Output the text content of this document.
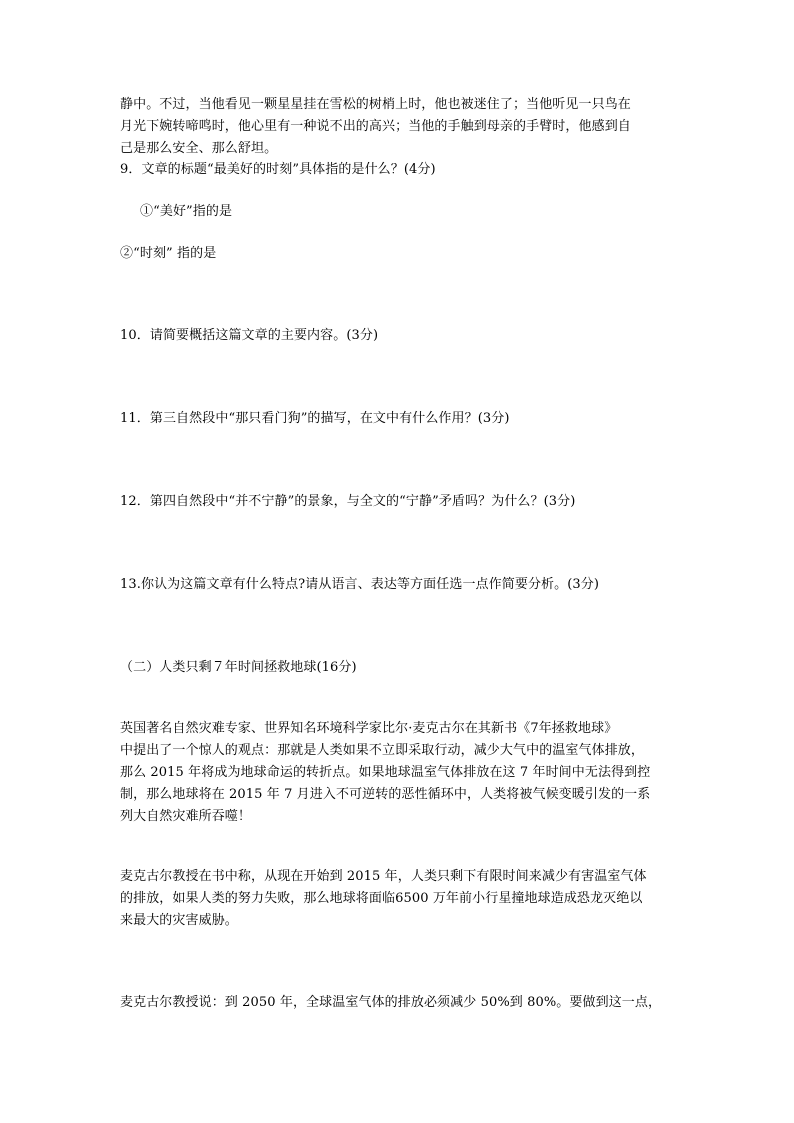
静中。不过，当他看见一颗星星挂在雪松的树梢上时，他也被迷住了；当他听见一只鸟在
月光下婉转啼鸣时，他心里有一种说不出的高兴；当他的手触到母亲的手臂时，他感到自
己是那么安全、那么舒坦。
9．文章的标题“最美好的时刻”具体指的是什么？(4分)
①“美好”指的是
②“时刻” 指的是
10．请简要概括这篇文章的主要内容。(3分)
11．第三自然段中“那只看门狗”的描写，在文中有什么作用？(3分)
12．第四自然段中“并不宁静”的景象，与全文的“宁静”矛盾吗？为什么？(3分)
13.你认为这篇文章有什么特点?请从语言、表达等方面任选一点作简要分析。(3分)
（二）人类只剩７年时间拯救地球(16分)
英国著名自然灾难专家、世界知名环境科学家比尔·麦克古尔在其新书《7年拯救地球》
中提出了一个惊人的观点：那就是人类如果不立即采取行动，减少大气中的温室气体排放，
那么 2015 年将成为地球命运的转折点。如果地球温室气体排放在这 7 年时间中无法得到控
制，那么地球将在 2015 年 7 月进入不可逆转的恶性循环中，人类将被气候变暖引发的一系
列大自然灾难所吞噬！
麦克古尔教授在书中称，从现在开始到 2015 年，人类只剩下有限时间来减少有害温室气体
的排放，如果人类的努力失败，那么地球将面临6500 万年前小行星撞地球造成恐龙灭绝以
来最大的灾害威胁。
麦克古尔教授说：到 2050 年，全球温室气体的排放必须减少 50%到 80%。要做到这一点，
